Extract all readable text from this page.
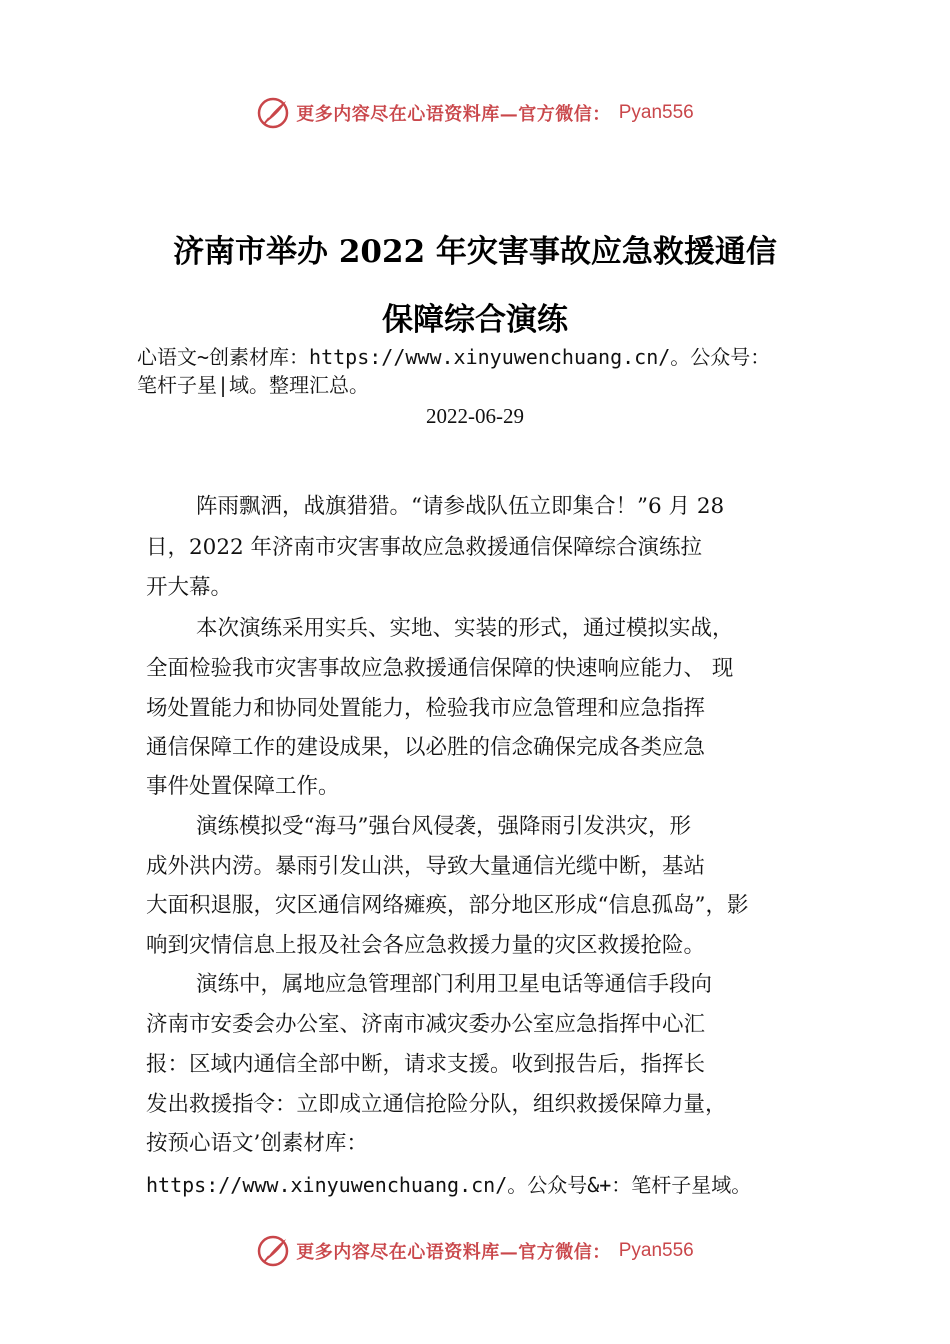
更多内容尽在心语资料库—官方微信： Pyan556
济南市举办 2022 年灾害事故应急救援通信
保障综合演练
心语文~创素材库：https://www.xinyuwenchuang.cn/。公众号：
笔杆子星|域。整理汇总。
2022-06-29
阵雨飘洒，战旗猎猎。“请参战队伍立即集合！”6 月 28
日，2022 年济南市灾害事故应急救援通信保障综合演练拉
开大幕。
本次演练采用实兵、实地、实装的形式，通过模拟实战，
全面检验我市灾害事故应急救援通信保障的快速响应能力、 现
场处置能力和协同处置能力，检验我市应急管理和应急指挥
通信保障工作的建设成果，以必胜的信念确保完成各类应急
事件处置保障工作。
演练模拟受“海马”强台风侵袭，强降雨引发洪灾，形
成外洪内涝。暴雨引发山洪，导致大量通信光缆中断，基站
大面积退服，灾区通信网络瘫痪，部分地区形成“信息孤岛”，影
响到灾情信息上报及社会各应急救援力量的灾区救援抢险。
演练中，属地应急管理部门利用卫星电话等通信手段向
济南市安委会办公室、济南市减灾委办公室应急指挥中心汇
报：区域内通信全部中断，请求支援。收到报告后，指挥长
发出救援指令：立即成立通信抢险分队，组织救援保障力量，
按预心语文’创素材库：
https://www.xinyuwenchuang.cn/。公众号&+：笔杆子星域。
更多内容尽在心语资料库—官方微信： Pyan556
